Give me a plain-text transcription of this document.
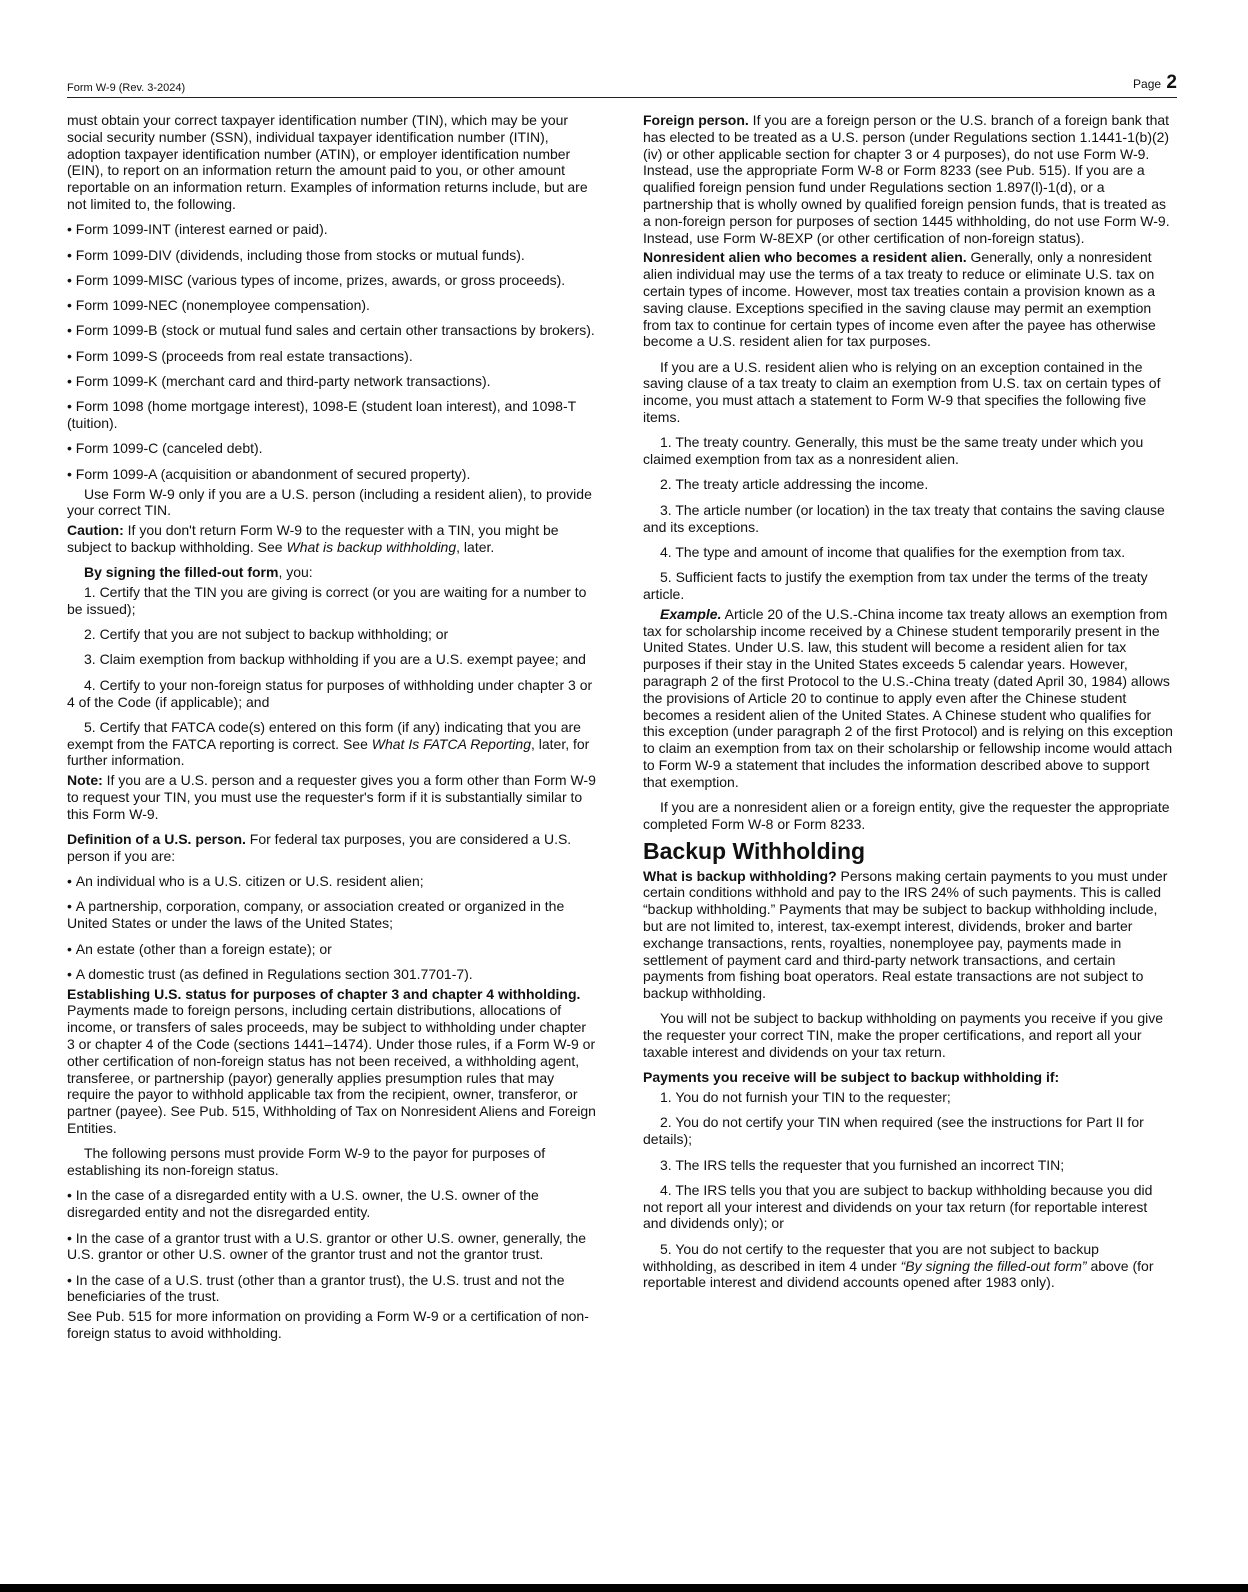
Form W-9 (Rev. 3-2024)	Page 2

must obtain your correct taxpayer identification number (TIN), which may be your social security number (SSN), individual taxpayer identification number (ITIN), adoption taxpayer identification number (ATIN), or employer identification number (EIN), to report on an information return the amount paid to you, or other amount reportable on an information return. Examples of information returns include, but are not limited to, the following.

• Form 1099-INT (interest earned or paid).

• Form 1099-DIV (dividends, including those from stocks or mutual funds).

• Form 1099-MISC (various types of income, prizes, awards, or gross proceeds).

• Form 1099-NEC (nonemployee compensation).

• Form 1099-B (stock or mutual fund sales and certain other transactions by brokers).

• Form 1099-S (proceeds from real estate transactions).

• Form 1099-K (merchant card and third-party network transactions).

• Form 1098 (home mortgage interest), 1098-E (student loan interest), and 1098-T (tuition).

• Form 1099-C (canceled debt).

• Form 1099-A (acquisition or abandonment of secured property).

Use Form W-9 only if you are a U.S. person (including a resident alien), to provide your correct TIN.

Caution: If you don't return Form W-9 to the requester with a TIN, you might be subject to backup withholding. See What is backup withholding, later.

By signing the filled-out form, you:

1. Certify that the TIN you are giving is correct (or you are waiting for a number to be issued);

2. Certify that you are not subject to backup withholding; or

3. Claim exemption from backup withholding if you are a U.S. exempt payee; and

4. Certify to your non-foreign status for purposes of withholding under chapter 3 or 4 of the Code (if applicable); and

5. Certify that FATCA code(s) entered on this form (if any) indicating that you are exempt from the FATCA reporting is correct. See What Is FATCA Reporting, later, for further information.

Note: If you are a U.S. person and a requester gives you a form other than Form W-9 to request your TIN, you must use the requester's form if it is substantially similar to this Form W-9.

Definition of a U.S. person. For federal tax purposes, you are considered a U.S. person if you are:

• An individual who is a U.S. citizen or U.S. resident alien;

• A partnership, corporation, company, or association created or organized in the United States or under the laws of the United States;

• An estate (other than a foreign estate); or

• A domestic trust (as defined in Regulations section 301.7701-7).

Establishing U.S. status for purposes of chapter 3 and chapter 4 withholding. Payments made to foreign persons, including certain distributions, allocations of income, or transfers of sales proceeds, may be subject to withholding under chapter 3 or chapter 4 of the Code (sections 1441–1474). Under those rules, if a Form W-9 or other certification of non-foreign status has not been received, a withholding agent, transferee, or partnership (payor) generally applies presumption rules that may require the payor to withhold applicable tax from the recipient, owner, transferor, or partner (payee). See Pub. 515, Withholding of Tax on Nonresident Aliens and Foreign Entities.

The following persons must provide Form W-9 to the payor for purposes of establishing its non-foreign status.

• In the case of a disregarded entity with a U.S. owner, the U.S. owner of the disregarded entity and not the disregarded entity.

• In the case of a grantor trust with a U.S. grantor or other U.S. owner, generally, the U.S. grantor or other U.S. owner of the grantor trust and not the grantor trust.

• In the case of a U.S. trust (other than a grantor trust), the U.S. trust and not the beneficiaries of the trust.

See Pub. 515 for more information on providing a Form W-9 or a certification of non-foreign status to avoid withholding.

Foreign person. If you are a foreign person or the U.S. branch of a foreign bank that has elected to be treated as a U.S. person (under Regulations section 1.1441-1(b)(2)(iv) or other applicable section for chapter 3 or 4 purposes), do not use Form W-9. Instead, use the appropriate Form W-8 or Form 8233 (see Pub. 515). If you are a qualified foreign pension fund under Regulations section 1.897(l)-1(d), or a partnership that is wholly owned by qualified foreign pension funds, that is treated as a non-foreign person for purposes of section 1445 withholding, do not use Form W-9. Instead, use Form W-8EXP (or other certification of non-foreign status).

Nonresident alien who becomes a resident alien. Generally, only a nonresident alien individual may use the terms of a tax treaty to reduce or eliminate U.S. tax on certain types of income. However, most tax treaties contain a provision known as a saving clause. Exceptions specified in the saving clause may permit an exemption from tax to continue for certain types of income even after the payee has otherwise become a U.S. resident alien for tax purposes.

If you are a U.S. resident alien who is relying on an exception contained in the saving clause of a tax treaty to claim an exemption from U.S. tax on certain types of income, you must attach a statement to Form W-9 that specifies the following five items.

1. The treaty country. Generally, this must be the same treaty under which you claimed exemption from tax as a nonresident alien.

2. The treaty article addressing the income.

3. The article number (or location) in the tax treaty that contains the saving clause and its exceptions.

4. The type and amount of income that qualifies for the exemption from tax.

5. Sufficient facts to justify the exemption from tax under the terms of the treaty article.

Example. Article 20 of the U.S.-China income tax treaty allows an exemption from tax for scholarship income received by a Chinese student temporarily present in the United States. Under U.S. law, this student will become a resident alien for tax purposes if their stay in the United States exceeds 5 calendar years. However, paragraph 2 of the first Protocol to the U.S.-China treaty (dated April 30, 1984) allows the provisions of Article 20 to continue to apply even after the Chinese student becomes a resident alien of the United States. A Chinese student who qualifies for this exception (under paragraph 2 of the first Protocol) and is relying on this exception to claim an exemption from tax on their scholarship or fellowship income would attach to Form W-9 a statement that includes the information described above to support that exemption.

If you are a nonresident alien or a foreign entity, give the requester the appropriate completed Form W-8 or Form 8233.

Backup Withholding

What is backup withholding? Persons making certain payments to you must under certain conditions withhold and pay to the IRS 24% of such payments. This is called “backup withholding.” Payments that may be subject to backup withholding include, but are not limited to, interest, tax-exempt interest, dividends, broker and barter exchange transactions, rents, royalties, nonemployee pay, payments made in settlement of payment card and third-party network transactions, and certain payments from fishing boat operators. Real estate transactions are not subject to backup withholding.

You will not be subject to backup withholding on payments you receive if you give the requester your correct TIN, make the proper certifications, and report all your taxable interest and dividends on your tax return.

Payments you receive will be subject to backup withholding if:

1. You do not furnish your TIN to the requester;

2. You do not certify your TIN when required (see the instructions for Part II for details);

3. The IRS tells the requester that you furnished an incorrect TIN;

4. The IRS tells you that you are subject to backup withholding because you did not report all your interest and dividends on your tax return (for reportable interest and dividends only); or

5. You do not certify to the requester that you are not subject to backup withholding, as described in item 4 under “By signing the filled-out form” above (for reportable interest and dividend accounts opened after 1983 only).
